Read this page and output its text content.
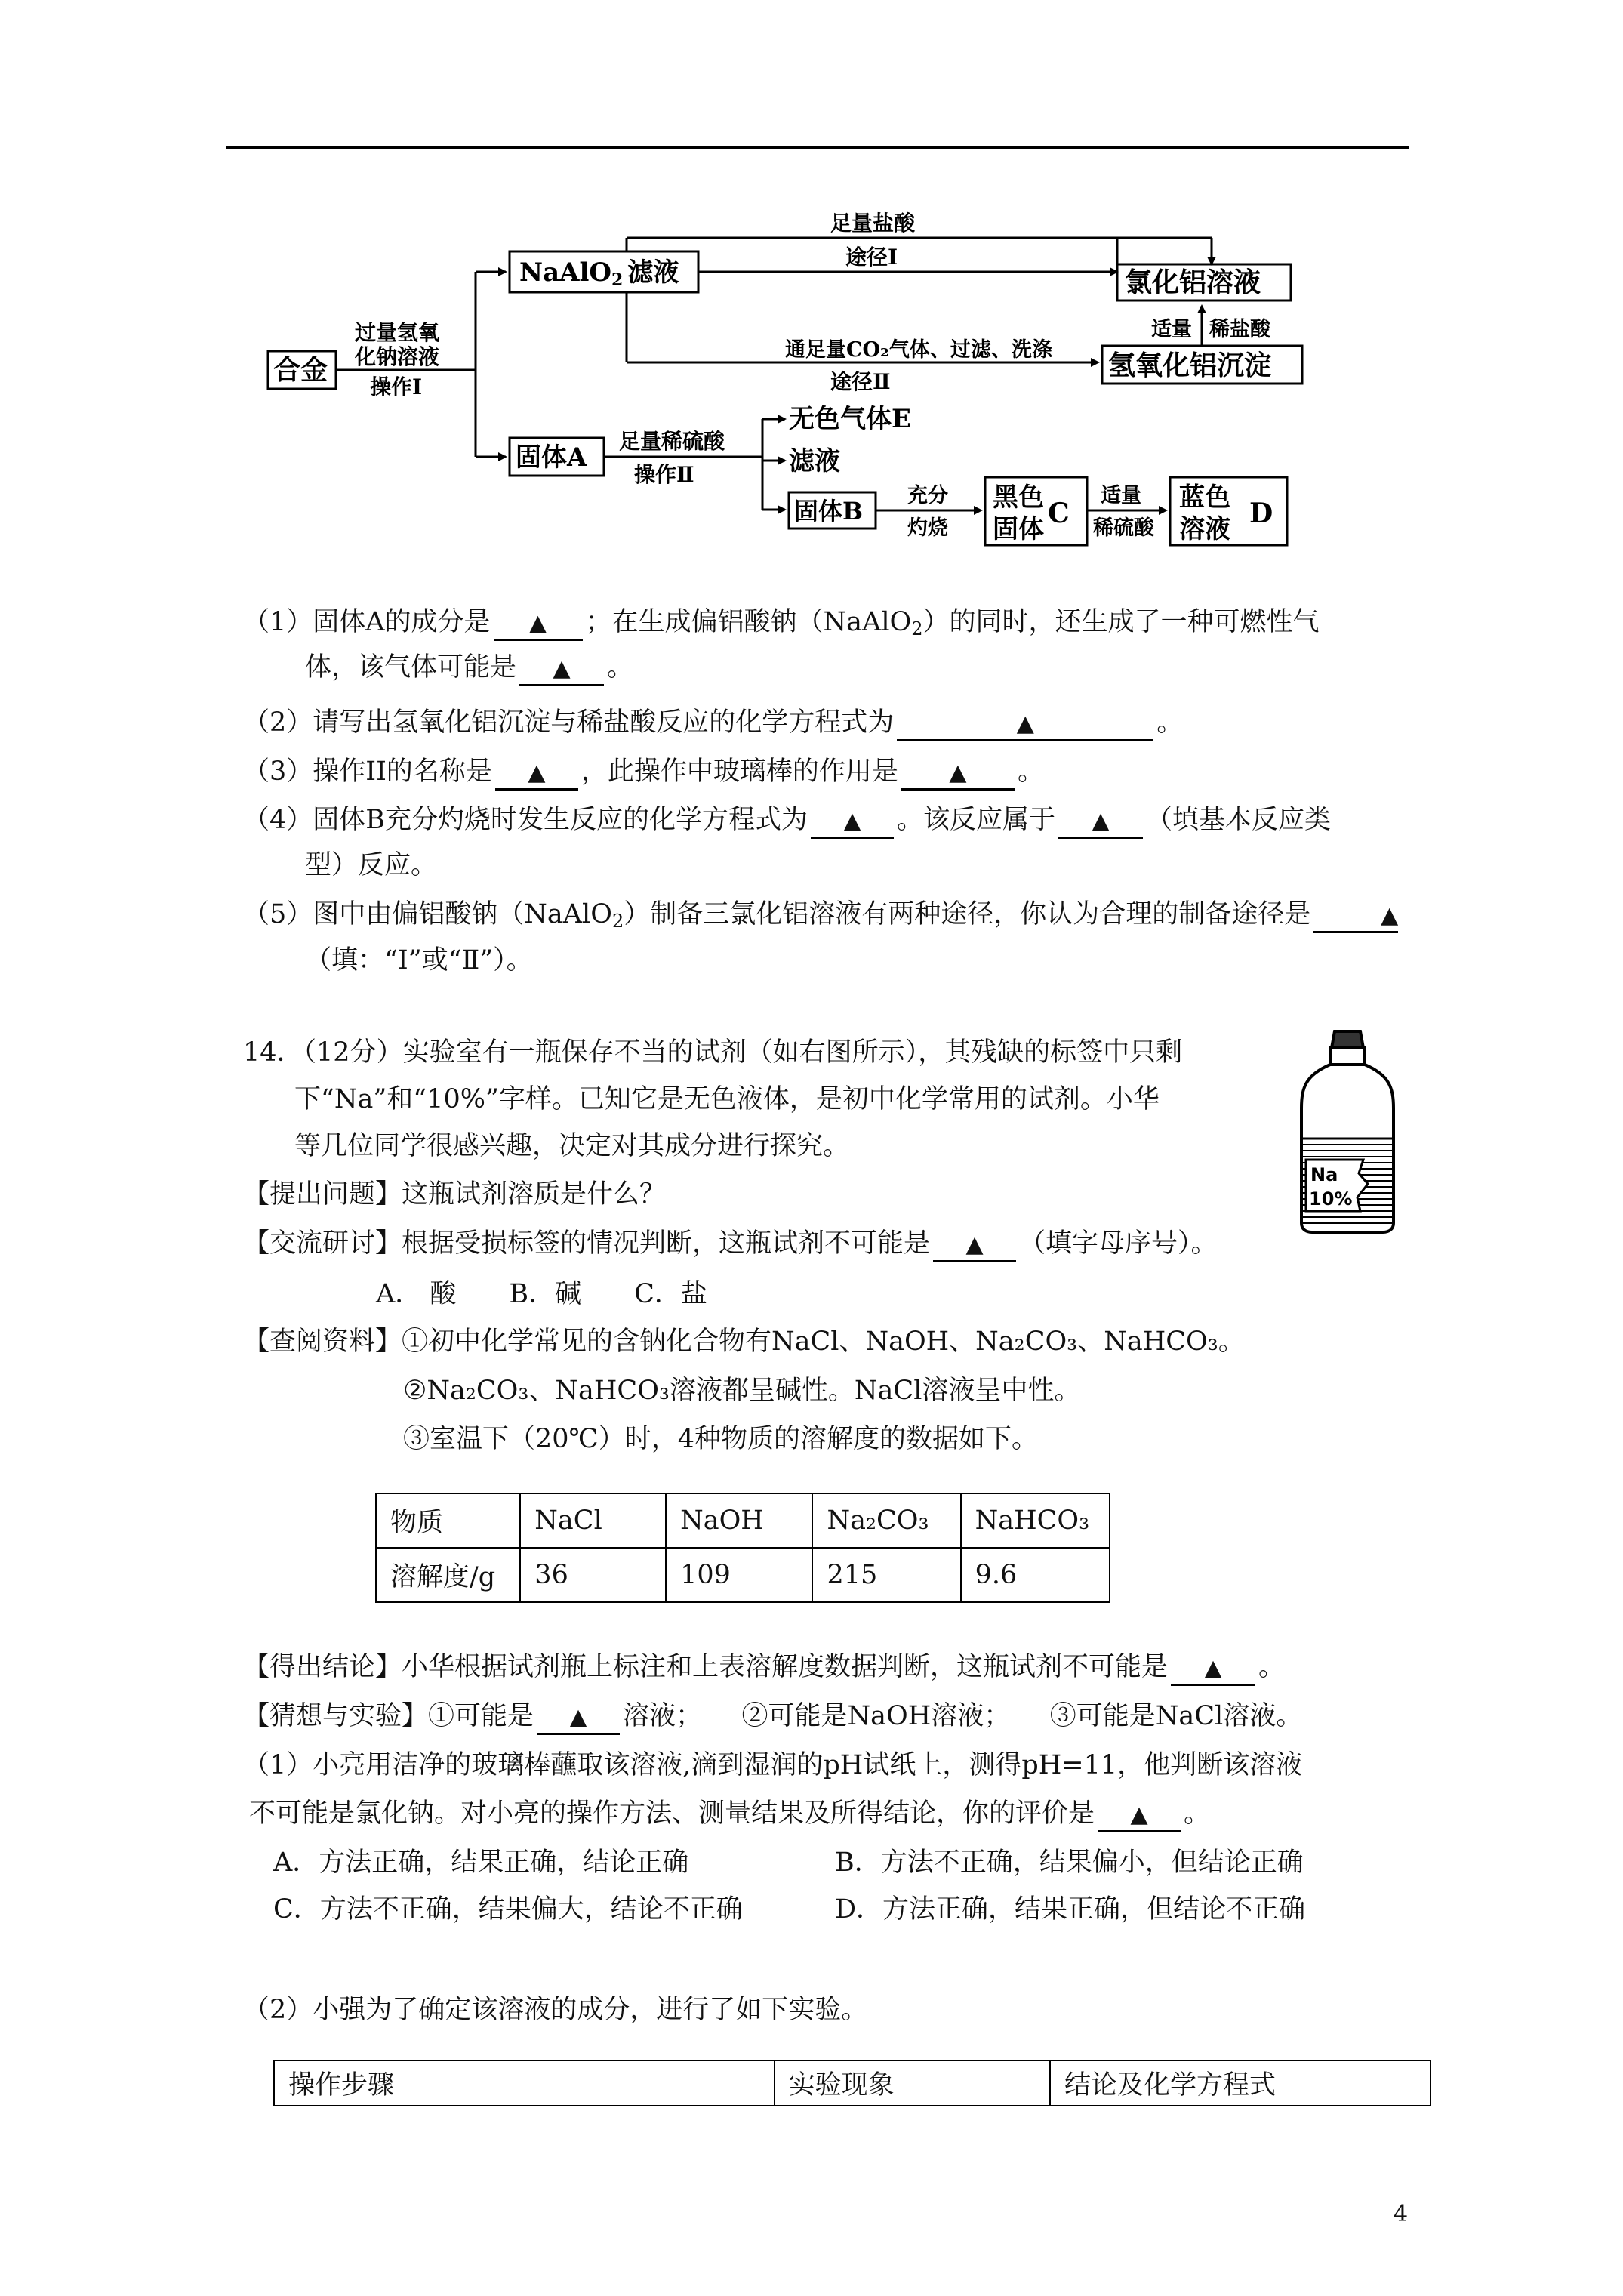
合金
过量氢氧
化钠溶液
操作Ⅰ
NaAlO2 滤液
足量盐酸
途径Ⅰ
通足量CO₂气体、过滤、洗涤
途径Ⅱ
氯化铝溶液
适量 稀盐酸
氢氧化铝沉淀
固体A
足量稀硫酸
操作Ⅱ
无色气体E
滤液
固体B
充分
灼烧
黑色
固体 C
适量
稀硫酸
蓝色
溶液 D
（1）固体A的成分是 ▲ ；在生成偏铝酸钠（NaAlO$_2$）的同时，还生成了一种可燃性气
体，该气体可能是 ▲ 。
（2）请写出氢氧化铝沉淀与稀盐酸反应的化学方程式为	▲	。
（3）操作II的名称是 ▲ ，此操作中玻璃棒的作用是 ▲ 。
（4）固体B充分灼烧时发生反应的化学方程式为 ▲ 。该反应属于 ▲ （填基本反应类
型）反应。
（5）图中由偏铝酸钠（NaAlO$_2$）制备三氯化铝溶液有两种途径，你认为合理的制备途径是	▲
（填：“Ⅰ”或“Ⅱ”）。
14．（12分）实验室有一瓶保存不当的试剂（如右图所示），其残缺的标签中只剩
下“Na”和“10%”字样。已知它是无色液体，是初中化学常用的试剂。小华
等几位同学很感兴趣，决定对其成分进行探究。
Na
10%
【提出问题】这瓶试剂溶质是什么？
【交流研讨】根据受损标签的情况判断，这瓶试剂不可能是 ▲ （填字母序号）。
A． 酸　　B．碱　　C．盐
【查阅资料】①初中化学常见的含钠化合物有NaCl、NaOH、Na₂CO₃、NaHCO₃。
②Na₂CO₃、NaHCO₃溶液都呈碱性。NaCl溶液呈中性。
③室温下（20℃）时，4种物质的溶解度的数据如下。
物质	NaCl	NaOH	Na₂CO₃	NaHCO₃
溶解度/g	36	109	215	9.6
【得出结论】小华根据试剂瓶上标注和上表溶解度数据判断，这瓶试剂不可能是 ▲ 。
【猜想与实验】①可能是 ▲ 溶液；　　②可能是NaOH溶液；　　③可能是NaCl溶液。
（1）小亮用洁净的玻璃棒蘸取该溶液,滴到湿润的pH试纸上，测得pH=11，他判断该溶液
不可能是氯化钠。对小亮的操作方法、测量结果及所得结论，你的评价是 ▲ 。
A．方法正确，结果正确，结论正确	B．方法不正确，结果偏小，但结论正确
C．方法不正确，结果偏大，结论不正确	D．方法正确，结果正确，但结论不正确
（2）小强为了确定该溶液的成分，进行了如下实验。
操作步骤	实验现象	结论及化学方程式
4
